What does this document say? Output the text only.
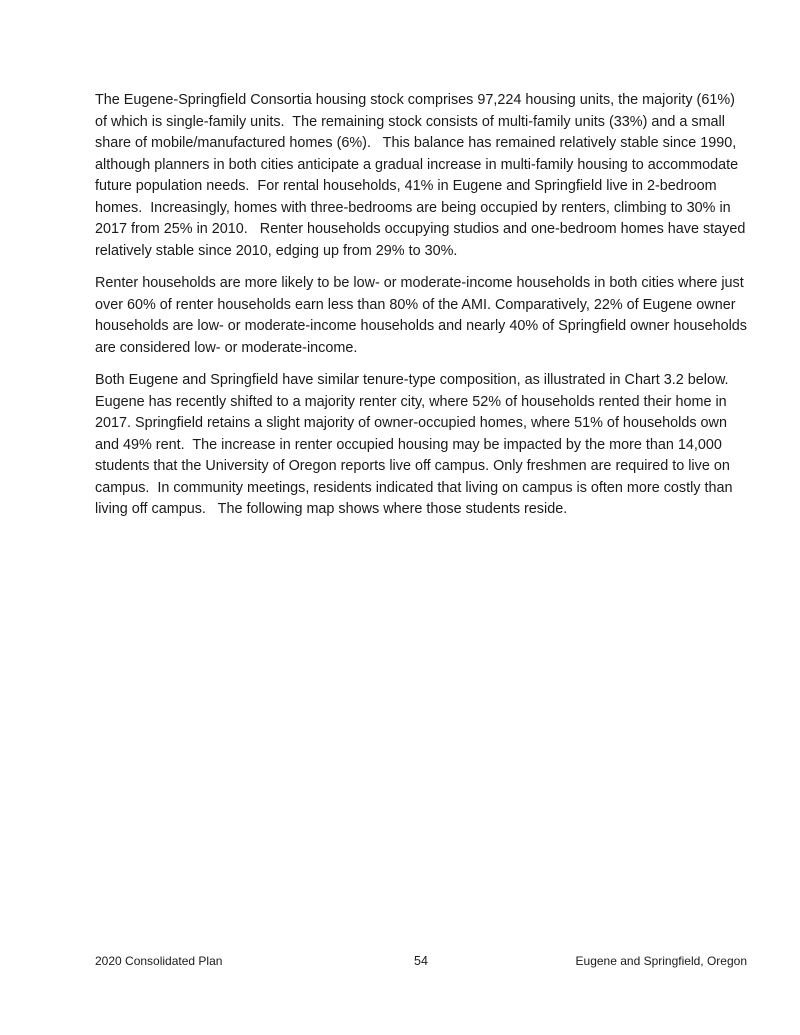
The Eugene-Springfield Consortia housing stock comprises 97,224 housing units, the majority (61%) of which is single-family units.  The remaining stock consists of multi-family units (33%) and a small share of mobile/manufactured homes (6%).   This balance has remained relatively stable since 1990, although planners in both cities anticipate a gradual increase in multi-family housing to accommodate future population needs.  For rental households, 41% in Eugene and Springfield live in 2-bedroom homes.  Increasingly, homes with three-bedrooms are being occupied by renters, climbing to 30% in 2017 from 25% in 2010.   Renter households occupying studios and one-bedroom homes have stayed relatively stable since 2010, edging up from 29% to 30%.

Renter households are more likely to be low- or moderate-income households in both cities where just over 60% of renter households earn less than 80% of the AMI. Comparatively, 22% of Eugene owner households are low- or moderate-income households and nearly 40% of Springfield owner households are considered low- or moderate-income.

Both Eugene and Springfield have similar tenure-type composition, as illustrated in Chart 3.2 below. Eugene has recently shifted to a majority renter city, where 52% of households rented their home in 2017. Springfield retains a slight majority of owner-occupied homes, where 51% of households own and 49% rent.  The increase in renter occupied housing may be impacted by the more than 14,000 students that the University of Oregon reports live off campus. Only freshmen are required to live on campus.  In community meetings, residents indicated that living on campus is often more costly than living off campus.   The following map shows where those students reside.

2020 Consolidated Plan	54	Eugene and Springfield, Oregon
